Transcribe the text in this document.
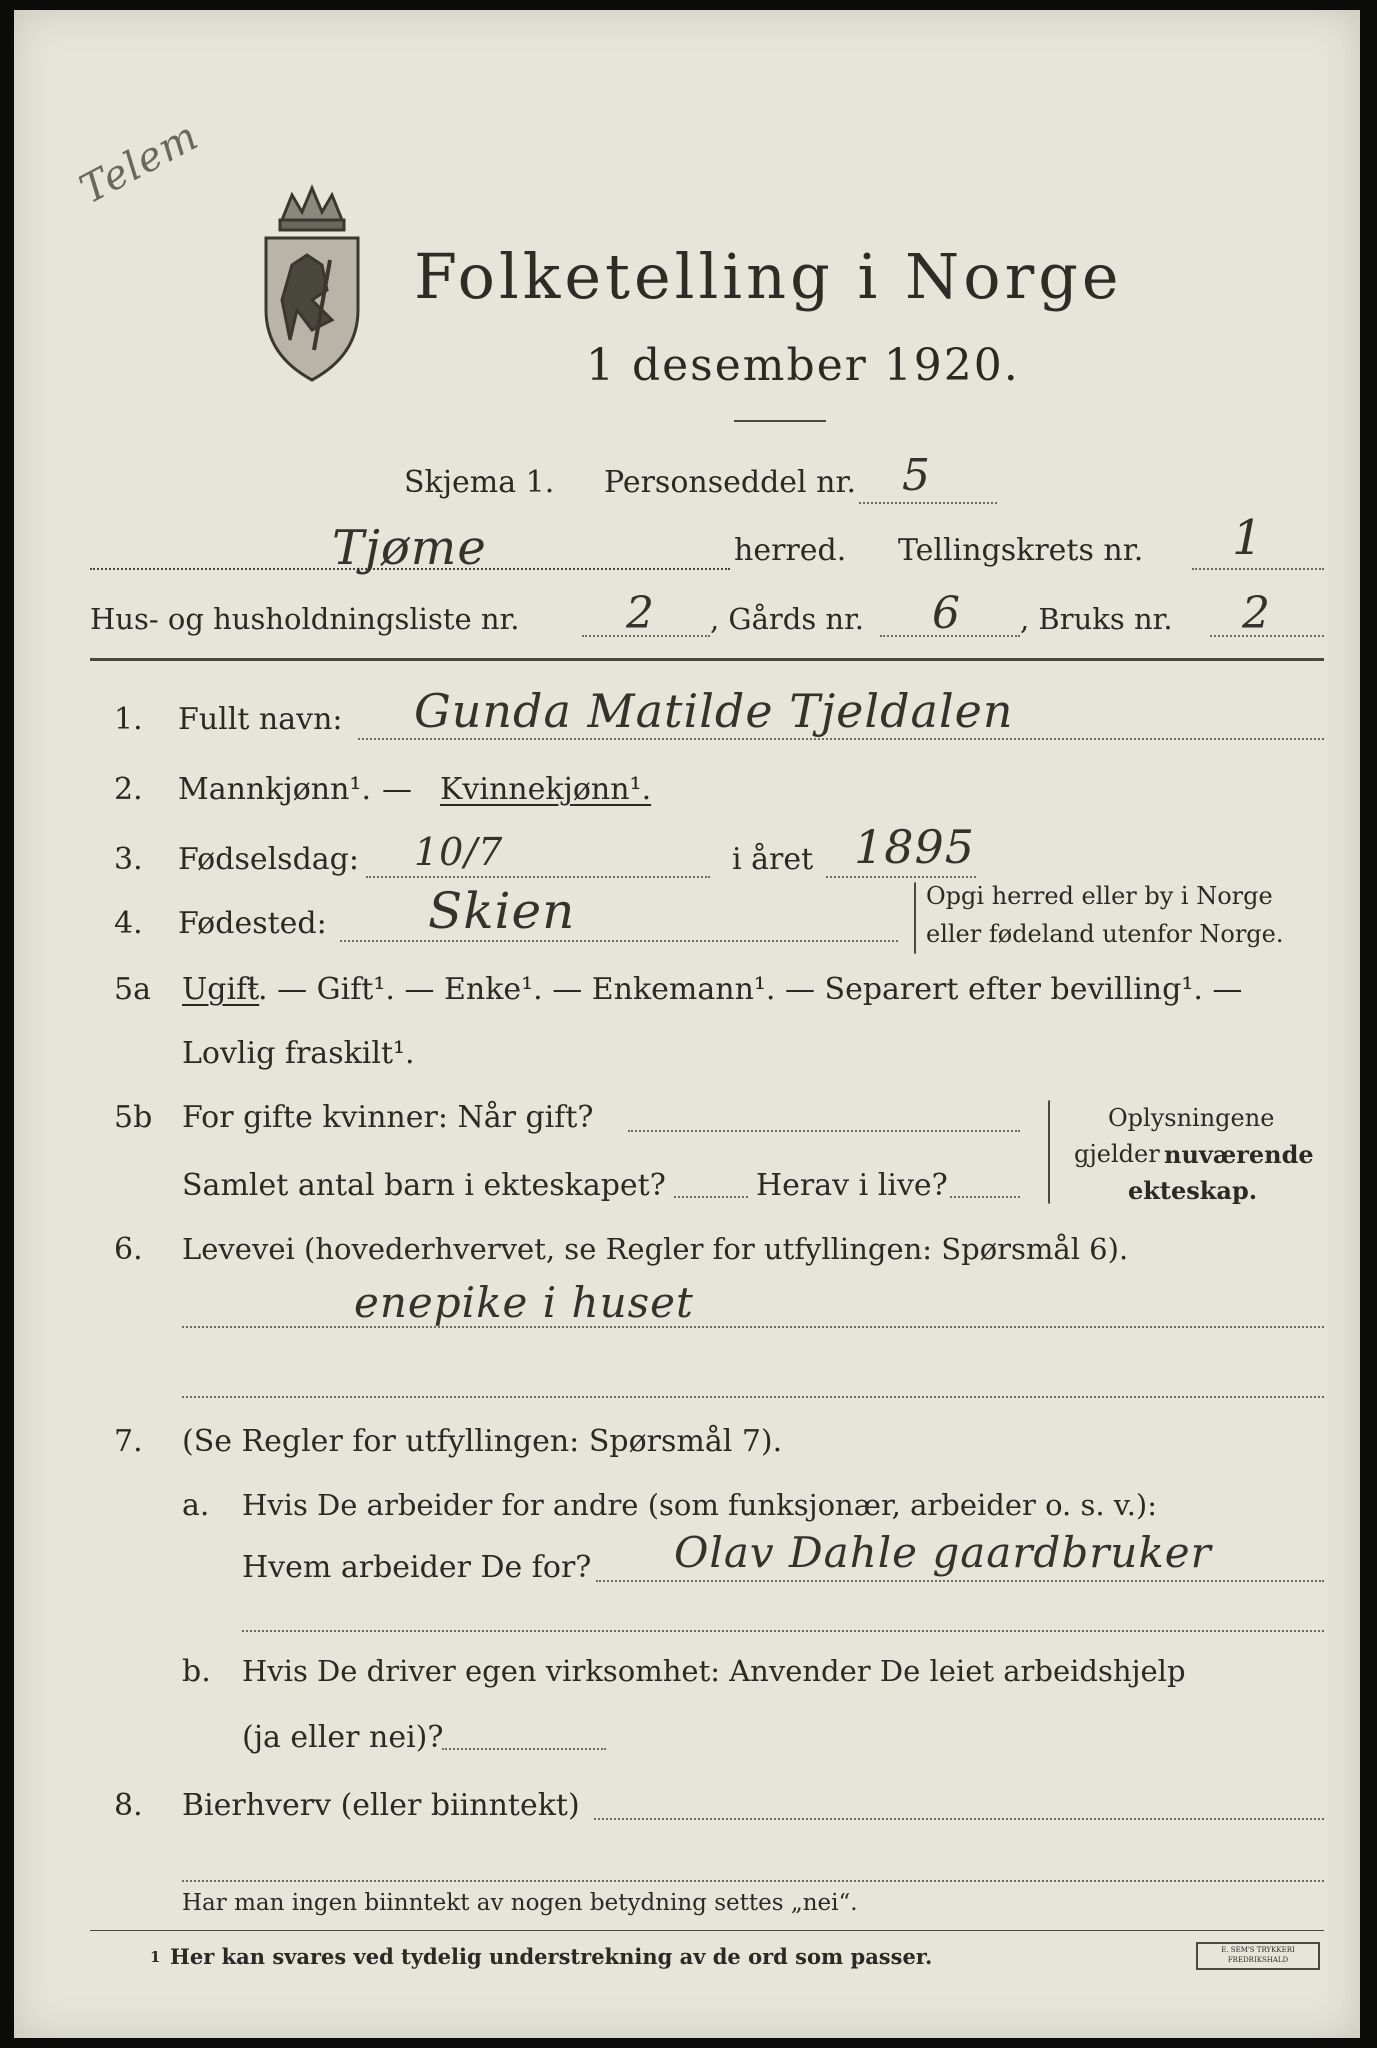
Telem
Folketelling i Norge
1 desember 1920.
Skjema 1. Personseddel nr. 5
Tjøme	herred. Tellingskrets nr. 1
Hus- og husholdningsliste nr. 2 , Gårds nr. 6 , Bruks nr. 2
1. Fullt navn: Gunda Matilde Tjeldalen
2. Mannkjønn¹. — Kvinnekjønn¹.
3. Fødselsdag: 10/7	i året 1895
4. Fødested: Skien	Opgi herred eller by i Norge
eller fødeland utenfor Norge.
5a Ugift
¹. — Gift¹. — Enke¹. — Enkemann¹. — Separert efter bevilling¹. —
Lovlig fraskilt¹.
5b For gifte kvinner: Når gift?
Samlet antal barn i ekteskapet?	Herav i live?
Oplysningene
gjelder nuværende
ekteskap.
6. Levevei (hovederhvervet, se Regler for utfyllingen: Spørsmål 6).
enepike i huset
7. (Se Regler for utfyllingen: Spørsmål 7).
a. Hvis De arbeider for andre (som funksjonær, arbeider o. s. v.):
Hvem arbeider De for? Olav Dahle gaardbruker
b. Hvis De driver egen virksomhet: Anvender De leiet arbeidshjelp
(ja eller nei)?
8. Bierhverv (eller biinntekt)
Har man ingen biinntekt av nogen betydning settes „nei“.
1 Her kan svares ved tydelig understrekning av de ord som passer.	E. SEM'S TRYKKERI FREDRIKSHALD
